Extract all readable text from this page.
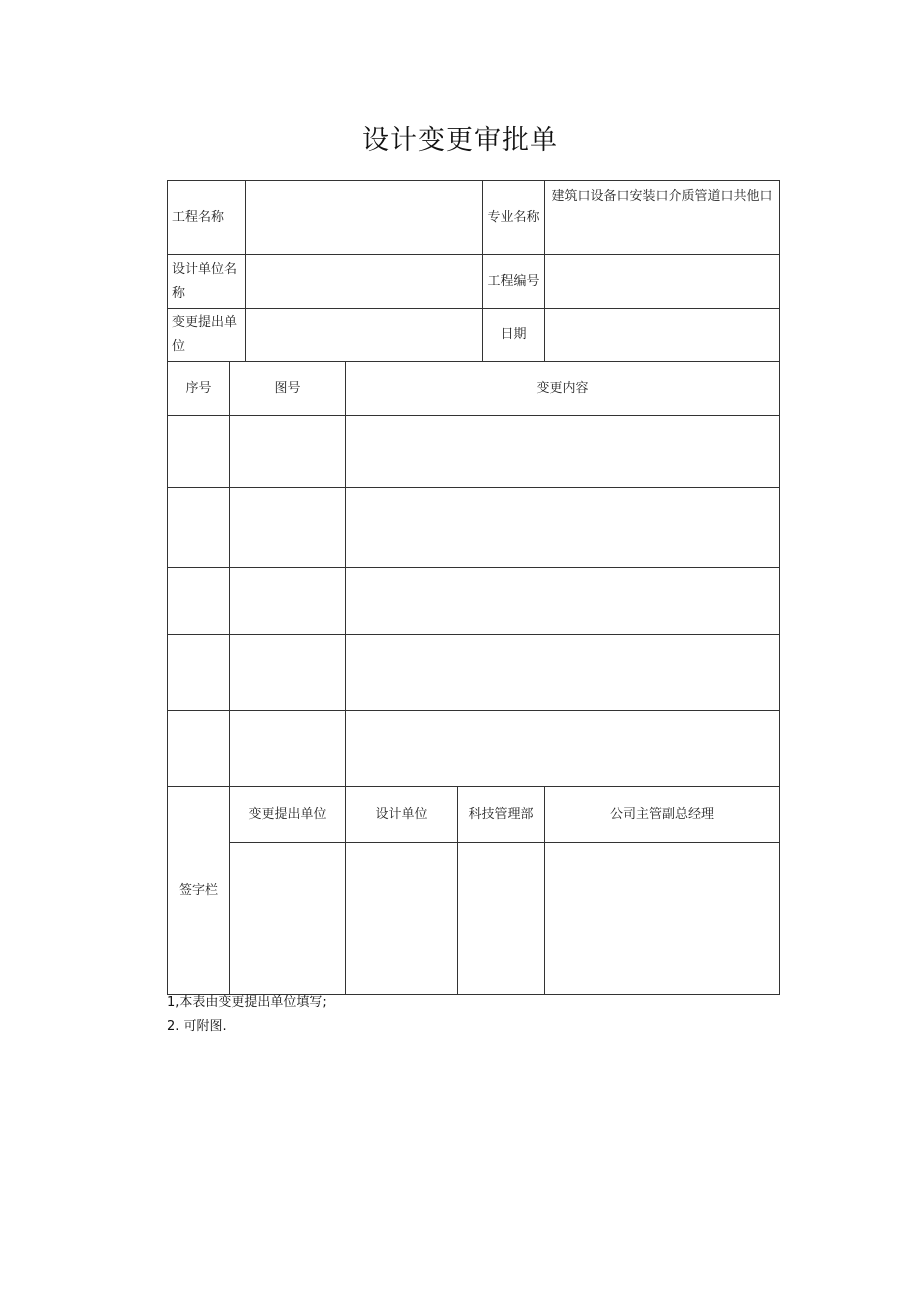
设计变更审批单
工程名称					专业名称	建筑口设备口安装口介质管道口共他口
设计单位名称					工程编号	
变更提出单位					日期	
序号	图号		变更内容			

签字栏	变更提出单位		设计单位	科技管理部		公司主管副总经理

1,本表由变更提出单位填写;
2. 可附图.
